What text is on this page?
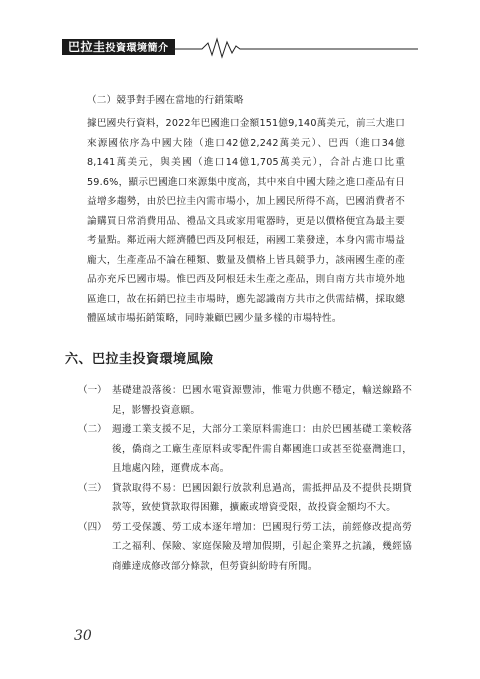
巴拉圭投資環境簡介
（二）競爭對手國在當地的行銷策略
據巴國央行資料，2022年巴國進口金額151億9,140萬美元，前三大進口來源國依序為中國大陸（進口42億2,242萬美元）、巴西（進口34億8,141萬美元，與美國（進口14億1,705萬美元），合計占進口比重59.6%，顯示巴國進口來源集中度高，其中來自中國大陸之進口產品有日益增多趨勢，由於巴拉圭內需市場小，加上國民所得不高，巴國消費者不論購買日常消費用品、禮品文具或家用電器時，更是以價格便宜為最主要考量點。鄰近兩大經濟體巴西及阿根廷，兩國工業發達，本身內需市場益龐大，生產產品不論在種類、數量及價格上皆具競爭力，該兩國生產的產品亦充斥巴國市場。惟巴西及阿根廷未生產之產品，則自南方共市境外地區進口，故在拓銷巴拉圭市場時，應先認識南方共市之供需結構，採取總體區域市場拓銷策略，同時兼顧巴國少量多樣的市場特性。
六、巴拉圭投資環境風險
（一） 基礎建設落後：巴國水電資源豐沛，惟電力供應不穩定，輸送線路不足，影響投資意願。
（二） 週邊工業支援不足，大部分工業原料需進口：由於巴國基礎工業較落後，僑商之工廠生產原料或零配件需自鄰國進口或甚至從臺灣進口，且地處內陸，運費成本高。
（三） 貸款取得不易：巴國因銀行放款利息過高，需抵押品及不提供長期貸款等，致使貸款取得困難，擴廠或增資受限，故投資金額均不大。
（四） 勞工受保護、勞工成本逐年增加：巴國現行勞工法，前經修改提高勞工之福利、保險、家庭保險及增加假期，引起企業界之抗議，幾經協商雖達成修改部分條款，但勞資糾紛時有所聞。
30
